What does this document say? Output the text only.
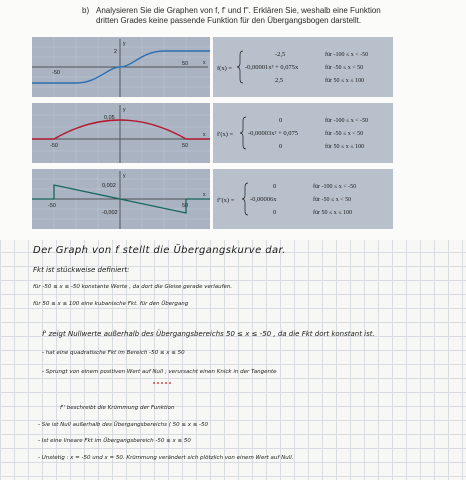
b) Analysieren Sie die Graphen von f, f' und f''. Erklären Sie, weshalb eine Funktion dritten Grades keine passende Funktion für den Übergangsbogen darstellt.
y
x
-50
50
2
y
x
-50	50
0,05
y
x
-50	50
0,002
-0,002
f(x) =
-2,5
-0,00001x³ + 0,075x
2,5
für -100 ≤ x < -50
für -50 ≤ x < 50
für 50 ≤ x ≤ 100
f'(x) =
0
-0,00003x² + 0,075
0
für -100 ≤ x < -50
für -50 ≤ x < 50
für 50 ≤ x ≤ 100
f''(x) =
0
-0,00006x
0
für -100 ≤ x < -50
für -50 ≤ x < 50
für 50 ≤ x ≤ 100
Der Graph von f stellt die Übergangskurve dar.
Fkt ist stückweise definiert:
für -50 ≤ x ≤ -50 konstante Werte , da dort die Gleise gerade verlaufen.
für 50 ≤ x ≤ 100 eine kubanische Fkt. für den Übergang
f' zeigt Nullwerte außerhalb des Übergangsbereichs 50 ≤ x ≤ -50 , da die Fkt dort konstant ist.
- hat eine quadratische Fkt im Bereich -50 ≤ x ≤ 50
- Sprungt von einem positiven Wert auf Null ; verursacht einen Knick in der Tangente
f'' beschreibt die Krümmung der Funktion
- Sie ist Null außerhalb des Übergangsbereichs ( 50 ≤ x ≤ -50
- Ist eine lineare Fkt im Übergangsbereich -50 ≤ x ≤ 50
- Unstetig : x = -50 und x = 50. Krümmung verändert sich plötzlich von einem Wert auf Null.
